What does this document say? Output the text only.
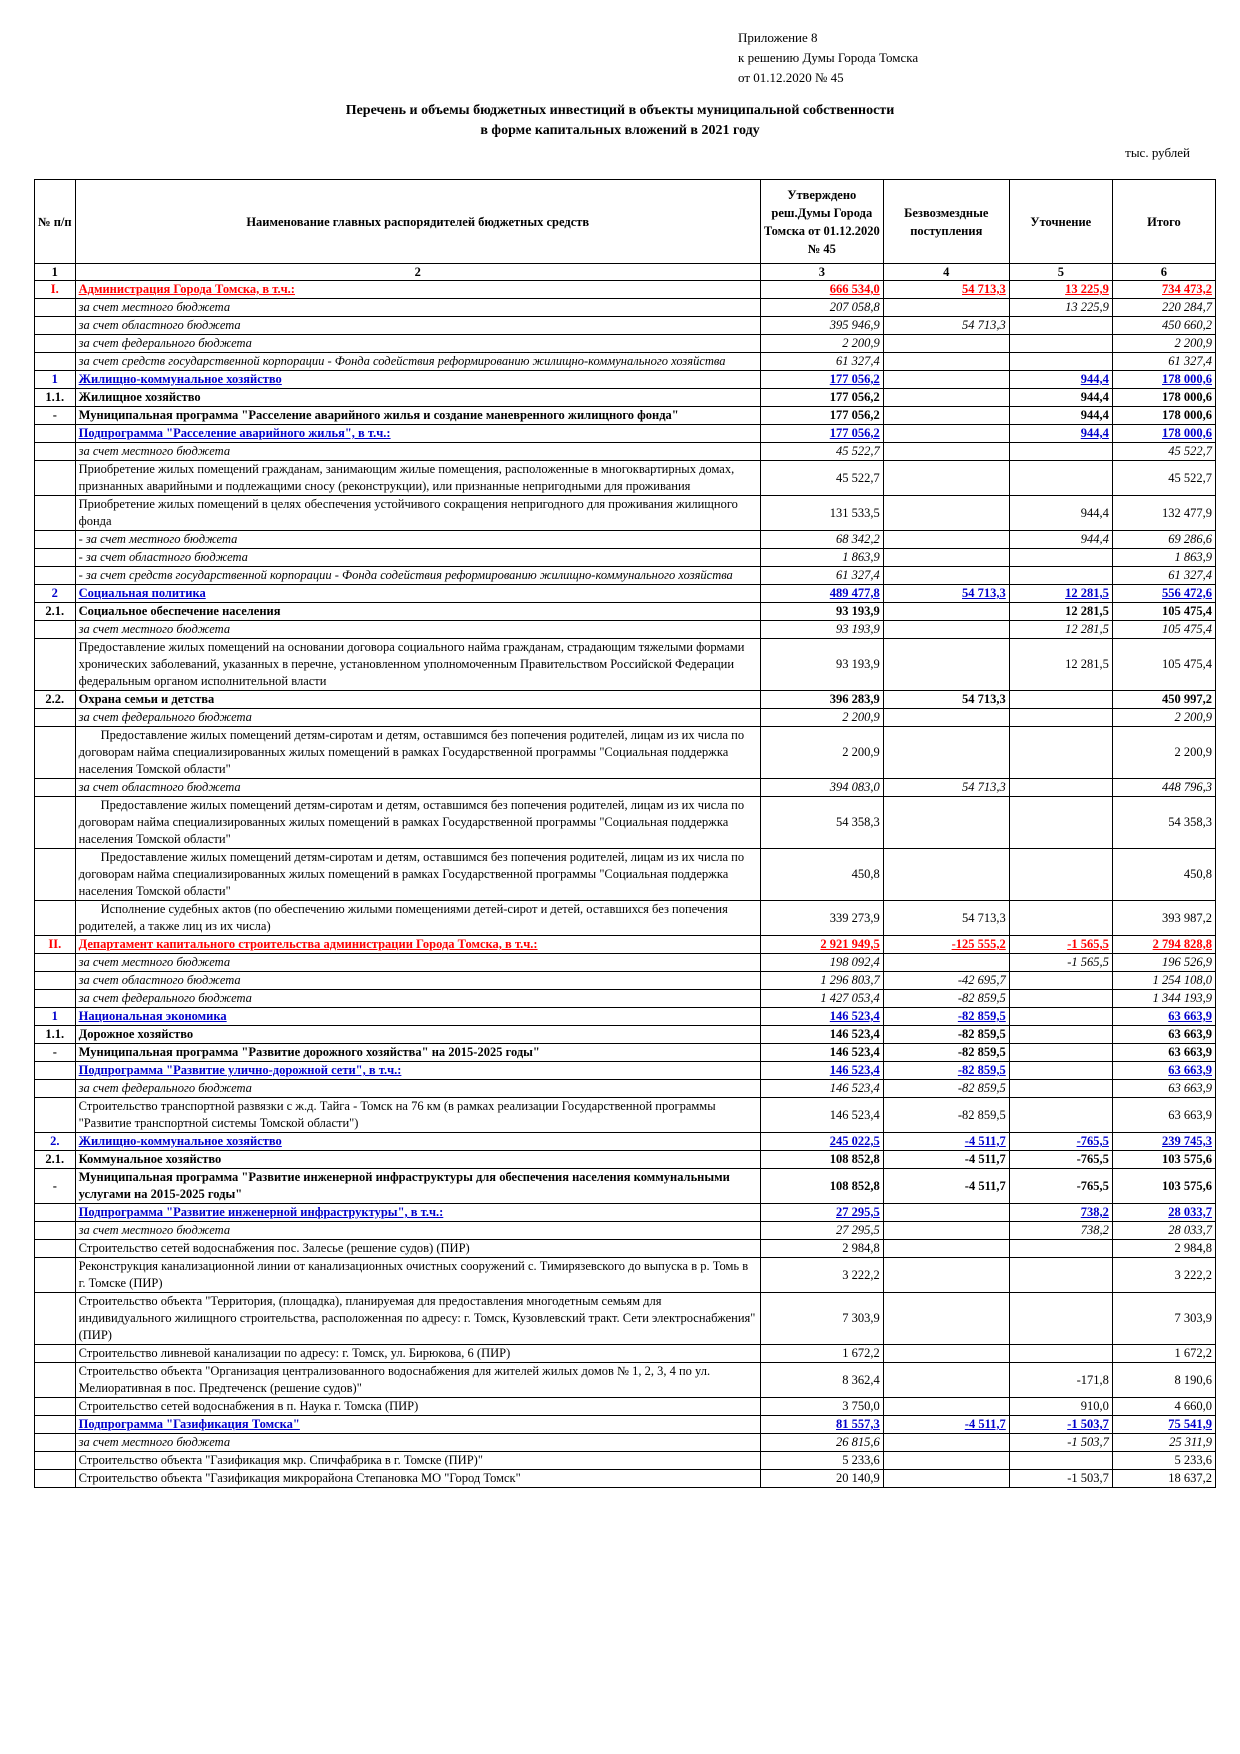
Приложение 8
к решению Думы Города Томска
от 01.12.2020 № 45
Перечень и объемы бюджетных инвестиций в объекты муниципальной собственности
в форме капитальных вложений в 2021 году
тыс. рублей
№ п/п	Наименование главных распорядителей бюджетных средств	Утверждено реш.Думы Города Томска от 01.12.2020 № 45	Безвозмездные поступления	Уточнение	Итого
1	2	3	4	5	6
I.	Администрация Города Томска, в т.ч.:	666 534,0	54 713,3	13 225,9	734 473,2
	за счет местного бюджета	207 058,8		13 225,9	220 284,7
	за счет областного бюджета	395 946,9	54 713,3		450 660,2
	за счет федерального бюджета	2 200,9			2 200,9
	за счет средств государственной корпорации - Фонда содействия реформированию жилищно-коммунального хозяйства	61 327,4			61 327,4
1	Жилищно-коммунальное хозяйство	177 056,2		944,4	178 000,6
1.1.	Жилищное хозяйство	177 056,2		944,4	178 000,6
-	Муниципальная программа "Расселение аварийного жилья и создание маневренного жилищного фонда"	177 056,2		944,4	178 000,6
	Подпрограмма "Расселение аварийного жилья", в т.ч.:	177 056,2		944,4	178 000,6
	за счет местного бюджета	45 522,7			45 522,7
	Приобретение жилых помещений гражданам, занимающим жилые помещения, расположенные в многоквартирных домах, признанных аварийными и подлежащими сносу (реконструкции), или признанные непригодными для проживания	45 522,7			45 522,7
	Приобретение жилых помещений в целях обеспечения устойчивого сокращения непригодного для проживания жилищного фонда	131 533,5		944,4	132 477,9
	- за счет местного бюджета	68 342,2		944,4	69 286,6
	- за счет областного бюджета	1 863,9			1 863,9
	- за счет средств государственной корпорации - Фонда содействия реформированию жилищно-коммунального хозяйства	61 327,4			61 327,4
2	Социальная политика	489 477,8	54 713,3	12 281,5	556 472,6
2.1.	Социальное обеспечение населения	93 193,9		12 281,5	105 475,4
	за счет местного бюджета	93 193,9		12 281,5	105 475,4
	Предоставление жилых помещений на основании договора социального найма гражданам, страдающим тяжелыми формами хронических заболеваний, указанных в перечне, установленном уполномоченным Правительством Российской Федерации федеральным органом исполнительной власти	93 193,9		12 281,5	105 475,4
2.2.	Охрана семьи и детства	396 283,9	54 713,3		450 997,2
	за счет федерального бюджета	2 200,9			2 200,9
	Предоставление жилых помещений детям-сиротам и детям, оставшимся без попечения родителей, лицам из их числа по договорам найма специализированных жилых помещений в рамках Государственной программы "Социальная поддержка населения Томской области"	2 200,9			2 200,9
	за счет областного бюджета	394 083,0	54 713,3		448 796,3
	Предоставление жилых помещений детям-сиротам и детям, оставшимся без попечения родителей, лицам из их числа по договорам найма специализированных жилых помещений в рамках Государственной программы "Социальная поддержка населения Томской области"	54 358,3			54 358,3
	Предоставление жилых помещений детям-сиротам и детям, оставшимся без попечения родителей, лицам из их числа по договорам найма специализированных жилых помещений в рамках Государственной программы "Социальная поддержка населения Томской области"	450,8			450,8
	Исполнение судебных актов (по обеспечению жилыми помещениями детей-сирот и детей, оставшихся без попечения родителей, а также лиц из их числа)	339 273,9	54 713,3		393 987,2
II.	Департамент капитального строительства администрации Города Томска, в т.ч.:	2 921 949,5	-125 555,2	-1 565,5	2 794 828,8
	за счет местного бюджета	198 092,4		-1 565,5	196 526,9
	за счет областного бюджета	1 296 803,7	-42 695,7		1 254 108,0
	за счет федерального бюджета	1 427 053,4	-82 859,5		1 344 193,9
1	Национальная экономика	146 523,4	-82 859,5		63 663,9
1.1.	Дорожное хозяйство	146 523,4	-82 859,5		63 663,9
-	Муниципальная программа "Развитие дорожного хозяйства" на 2015-2025 годы"	146 523,4	-82 859,5		63 663,9
	Подпрограмма "Развитие улично-дорожной сети", в т.ч.:	146 523,4	-82 859,5		63 663,9
	за счет федерального бюджета	146 523,4	-82 859,5		63 663,9
	Строительство транспортной развязки с ж.д. Тайга - Томск на 76 км (в рамках реализации Государственной программы "Развитие транспортной системы Томской области")	146 523,4	-82 859,5		63 663,9
2.	Жилищно-коммунальное хозяйство	245 022,5	-4 511,7	-765,5	239 745,3
2.1.	Коммунальное хозяйство	108 852,8	-4 511,7	-765,5	103 575,6
-	Муниципальная программа "Развитие инженерной инфраструктуры для обеспечения населения коммунальными услугами на 2015-2025 годы"	108 852,8	-4 511,7	-765,5	103 575,6
	Подпрограмма "Развитие инженерной инфраструктуры", в т.ч.:	27 295,5		738,2	28 033,7
	за счет местного бюджета	27 295,5		738,2	28 033,7
	Строительство сетей водоснабжения пос. Залесье (решение судов) (ПИР)	2 984,8			2 984,8
	Реконструкция канализационной линии от канализационных очистных сооружений с. Тимирязевского до выпуска в р. Томь в г. Томске (ПИР)	3 222,2			3 222,2
	Строительство объекта "Территория, (площадка), планируемая для предоставления многодетным семьям для индивидуального жилищного строительства, расположенная по адресу: г. Томск, Кузовлевский тракт. Сети электроснабжения" (ПИР)	7 303,9			7 303,9
	Строительство ливневой канализации по адресу: г. Томск, ул. Бирюкова, 6 (ПИР)	1 672,2			1 672,2
	Строительство объекта "Организация централизованного водоснабжения для жителей жилых домов № 1, 2, 3, 4 по ул. Мелиоративная в пос. Предтеченск (решение судов)"	8 362,4		-171,8	8 190,6
	Строительство сетей водоснабжения в п. Наука г. Томска (ПИР)	3 750,0		910,0	4 660,0
	Подпрограмма "Газификация Томска"	81 557,3	-4 511,7	-1 503,7	75 541,9
	за счет местного бюджета	26 815,6		-1 503,7	25 311,9
	Строительство объекта "Газификация мкр. Спичфабрика в г. Томске (ПИР)"	5 233,6			5 233,6
	Строительство объекта "Газификация микрорайона Степановка МО "Город Томск"	20 140,9		-1 503,7	18 637,2
